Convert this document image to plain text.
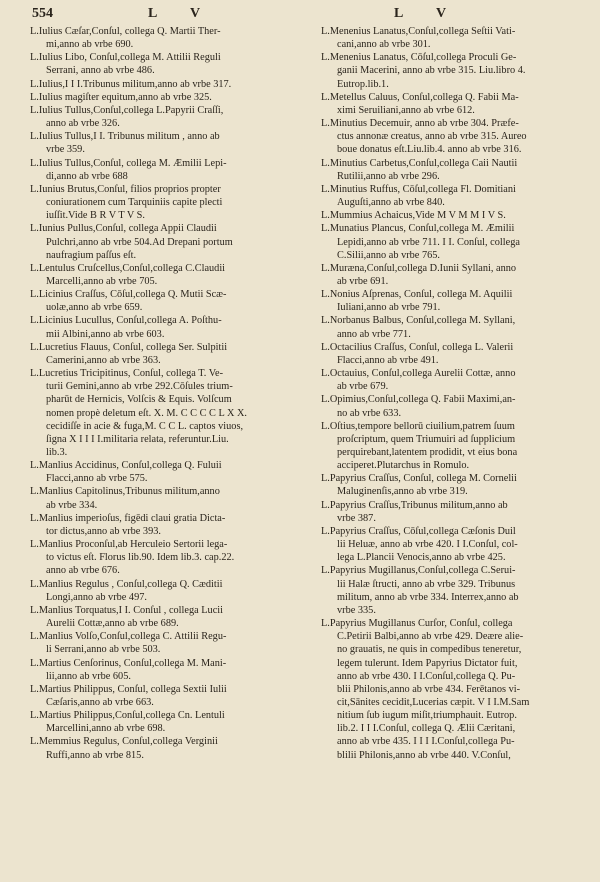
554	L V	L V
L.Iulius Cæſar,Conſul, collega Q. Martii Ther-
mi,anno ab vrbe 690.
L.Iulius Libo, Conſul,collega M. Attilii Reguli
Serrani, anno ab vrbe 486.
L.Iulius,I I I.Tribunus militum,anno ab vrbe 317.
L.Iulius magiſter equitum,anno ab vrbe 325.
L.Iulius Tullus,Conſul,collega L.Papyrii Craſſi,
anno ab vrbe 326.
L.Iulius Tullus,I I. Tribunus militum , anno ab
vrbe 359.
L.Iulius Tullus,Conſul, collega M. Æmilii Lepi-
di,anno ab vrbe 688
L.Iunius Brutus,Conſul, filios proprios propter
coniurationem cum Tarquiniis capite plecti
iuſſit.Vide B R V T V S.
L.Iunius Pullus,Conſul, collega Appii Claudii
Pulchri,anno ab vrbe 504.Ad Drepani portum
naufragium paſſus eſt.
L.Lentulus Cruſcellus,Conſul,collega C.Claudii
Marcelli,anno ab vrbe 705.
L.Licinius Craſſus, Cōſul,collega Q. Mutii Scæ-
uolæ,anno ab vrbe 659.
L.Licinius Lucullus, Conſul,collega A. Poſthu-
mii Albini,anno ab vrbe 603.
L.Lucretius Flauus, Conſul, collega Ser. Sulpitii
Camerini,anno ab vrbe 363.
L.Lucretius Tricipitinus, Conſul, collega T. Ve-
turii Gemini,anno ab vrbe 292.Cōſules trium-
pharūt de Hernicis, Volſcis & Equis. Volſcum
nomen propè deletum eſt. X. M. C C C C L X X.
cecidiſſe in acie & fuga,M. C C L. captos viuos,
ſigna X I I I I.militaria relata, referuntur.Liu.
lib.3.
L.Manlius Accidinus, Conſul,collega Q. Fuluii
Flacci,anno ab vrbe 575.
L.Manlius Capitolinus,Tribunus militum,anno
ab vrbe 334.
L.Manlius imperioſus, figēdi claui gratia Dicta-
tor dictus,anno ab vrbe 393.
L.Manlius Proconſul,ab Herculeio Sertorii lega-
to victus eſt. Florus lib.90. Idem lib.3. cap.22.
anno ab vrbe 676.
L.Manlius Regulus , Conſul,collega Q. Cæditii
Longi,anno ab vrbe 497.
L.Manlius Torquatus,I I. Conſul , collega Lucii
Aurelii Cottæ,anno ab vrbe 689.
L.Manlius Volſo,Conſul,collega C. Attilii Regu-
li Serrani,anno ab vrbe 503.
L.Martius Cenſorinus, Conſul,collega M. Mani-
lii,anno ab vrbe 605.
L.Martius Philippus, Conſul, collega Sextii Iulii
Cæſaris,anno ab vrbe 663.
L.Martius Philippus,Conſul,collega Cn. Lentuli
Marcellini,anno ab vrbe 698.
L.Memmius Regulus, Conſul,collega Verginii
Ruffi,anno ab vrbe 815.
L.Menenius Lanatus,Conſul,collega Seſtii Vati-
cani,anno ab vrbe 301.
L.Menenius Lanatus, Cōſul,collega Proculi Ge-
ganii Macerini, anno ab vrbe 315. Liu.libro 4.
Eutrop.lib.1.
L.Metellus Caluus, Conſul,collega Q. Fabii Ma-
ximi Seruiliani,anno ab vrbe 612.
L.Minutius Decemuir, anno ab vrbe 304. Præfe-
ctus annonæ creatus, anno ab vrbe 315. Aureo
boue donatus eſt.Liu.lib.4. anno ab vrbe 316.
L.Minutius Carbetus,Conſul,collega Caii Nautii
Rutilii,anno ab vrbe 296.
L.Minutius Ruffus, Cōſul,collega Fl. Domitiani
Auguſti,anno ab vrbe 840.
L.Mummius Achaicus,Vide M V M M I V S.
L.Munatius Plancus, Conſul,collega M. Æmilii
Lepidi,anno ab vrbe 711. I I. Conſul, collega
C.Silii,anno ab vrbe 765.
L.Muræna,Conſul,collega D.Iunii Syllani, anno
ab vrbe 691.
L.Nonius Aſprenas, Conſul, collega M. Aquilii
Iuliani,anno ab vrbe 791.
L.Norbanus Balbus, Conſul,collega M. Syllani,
anno ab vrbe 771.
L.Octacilius Craſſus, Conſul, collega L. Valerii
Flacci,anno ab vrbe 491.
L.Octauius, Conſul,collega Aurelii Cottæ, anno
ab vrbe 679.
L.Opimius,Conſul,collega Q. Fabii Maximi,an-
no ab vrbe 633.
L.Oſtius,tempore bellorū ciuilium,patrem ſuum
proſcriptum, quem Triumuiri ad ſupplicium
perquirebant,latentem prodidit, vt eius bona
acciperet.Plutarchus in Romulo.
L.Papyrius Craſſus, Conſul, collega M. Cornelii
Maluginenſis,anno ab vrbe 319.
L.Papyrius Craſſus,Tribunus militum,anno ab
vrbe 387.
L.Papyrius Craſſus, Cōſul,collega Cæſonis Duil
lii Heluæ, anno ab vrbe 420. I I.Conſul, col-
lega L.Plancii Venocis,anno ab vrbe 425.
L.Papyrius Mugillanus,Conſul,collega C.Serui-
lii Halæ ſtructi, anno ab vrbe 329. Tribunus
militum, anno ab vrbe 334. Interrex,anno ab
vrbe 335.
L.Papyrius Mugillanus Curſor, Conſul, collega
C.Petirii Balbi,anno ab vrbe 429. Deære alie-
no grauatis, ne quis in compedibus teneretur,
legem tulerunt. Idem Papyrius Dictator fuit,
anno ab vrbe 430. I I.Conſul,collega Q. Pu-
blii Philonis,anno ab vrbe 434. Ferētanos vi-
cit,Sānites cecidit,Lucerias cæpit. V I I.M.Sam
nitium ſub iugum miſit,triumphauit. Eutrop.
lib.2. I I I.Conſul, collega Q. Ælii Cæritani,
anno ab vrbe 435. I I I I.Conſul,collega Pu-
blilii Philonis,anno ab vrbe 440. V.Conſul,
